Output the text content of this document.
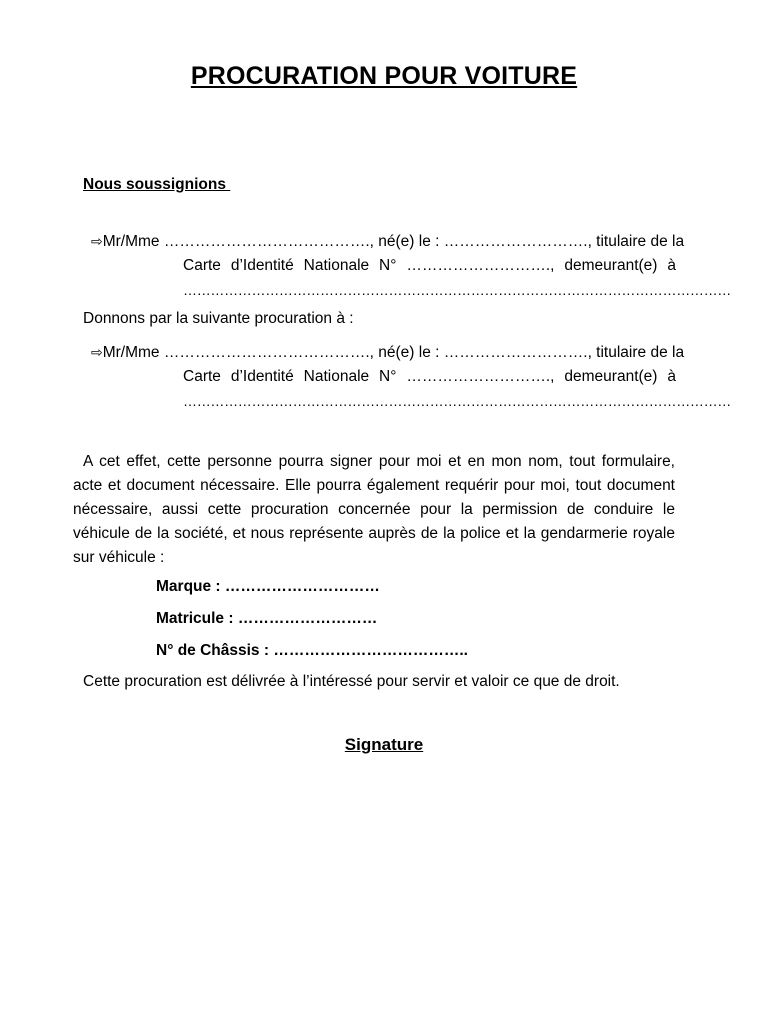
PROCURATION POUR VOITURE
Nous soussignions
⇨ Mr/Mme …………………………………., né(e) le : ………………………., titulaire de la
Carte d’Identité Nationale N° ………………………., demeurant(e) à
…………………………………………………………………………………………………………
Donnons par la suivante procuration à :
⇨ Mr/Mme …………………………………., né(e) le : ………………………., titulaire de la
Carte d’Identité Nationale N° ………………………., demeurant(e) à
…………………………………………………………………………………………………………
A cet effet, cette personne pourra signer pour moi et en mon nom, tout formulaire, acte et document nécessaire. Elle pourra également requérir pour moi, tout document nécessaire, aussi cette procuration concernée pour la permission de conduire le véhicule de la société, et nous représente auprès de la police et la gendarmerie royale sur véhicule :
Marque : …………………………
Matricule : ………………………
N° de Châssis : ………………………………..
Cette procuration est délivrée à l’intéressé pour servir et valoir ce que de droit.
Signature
